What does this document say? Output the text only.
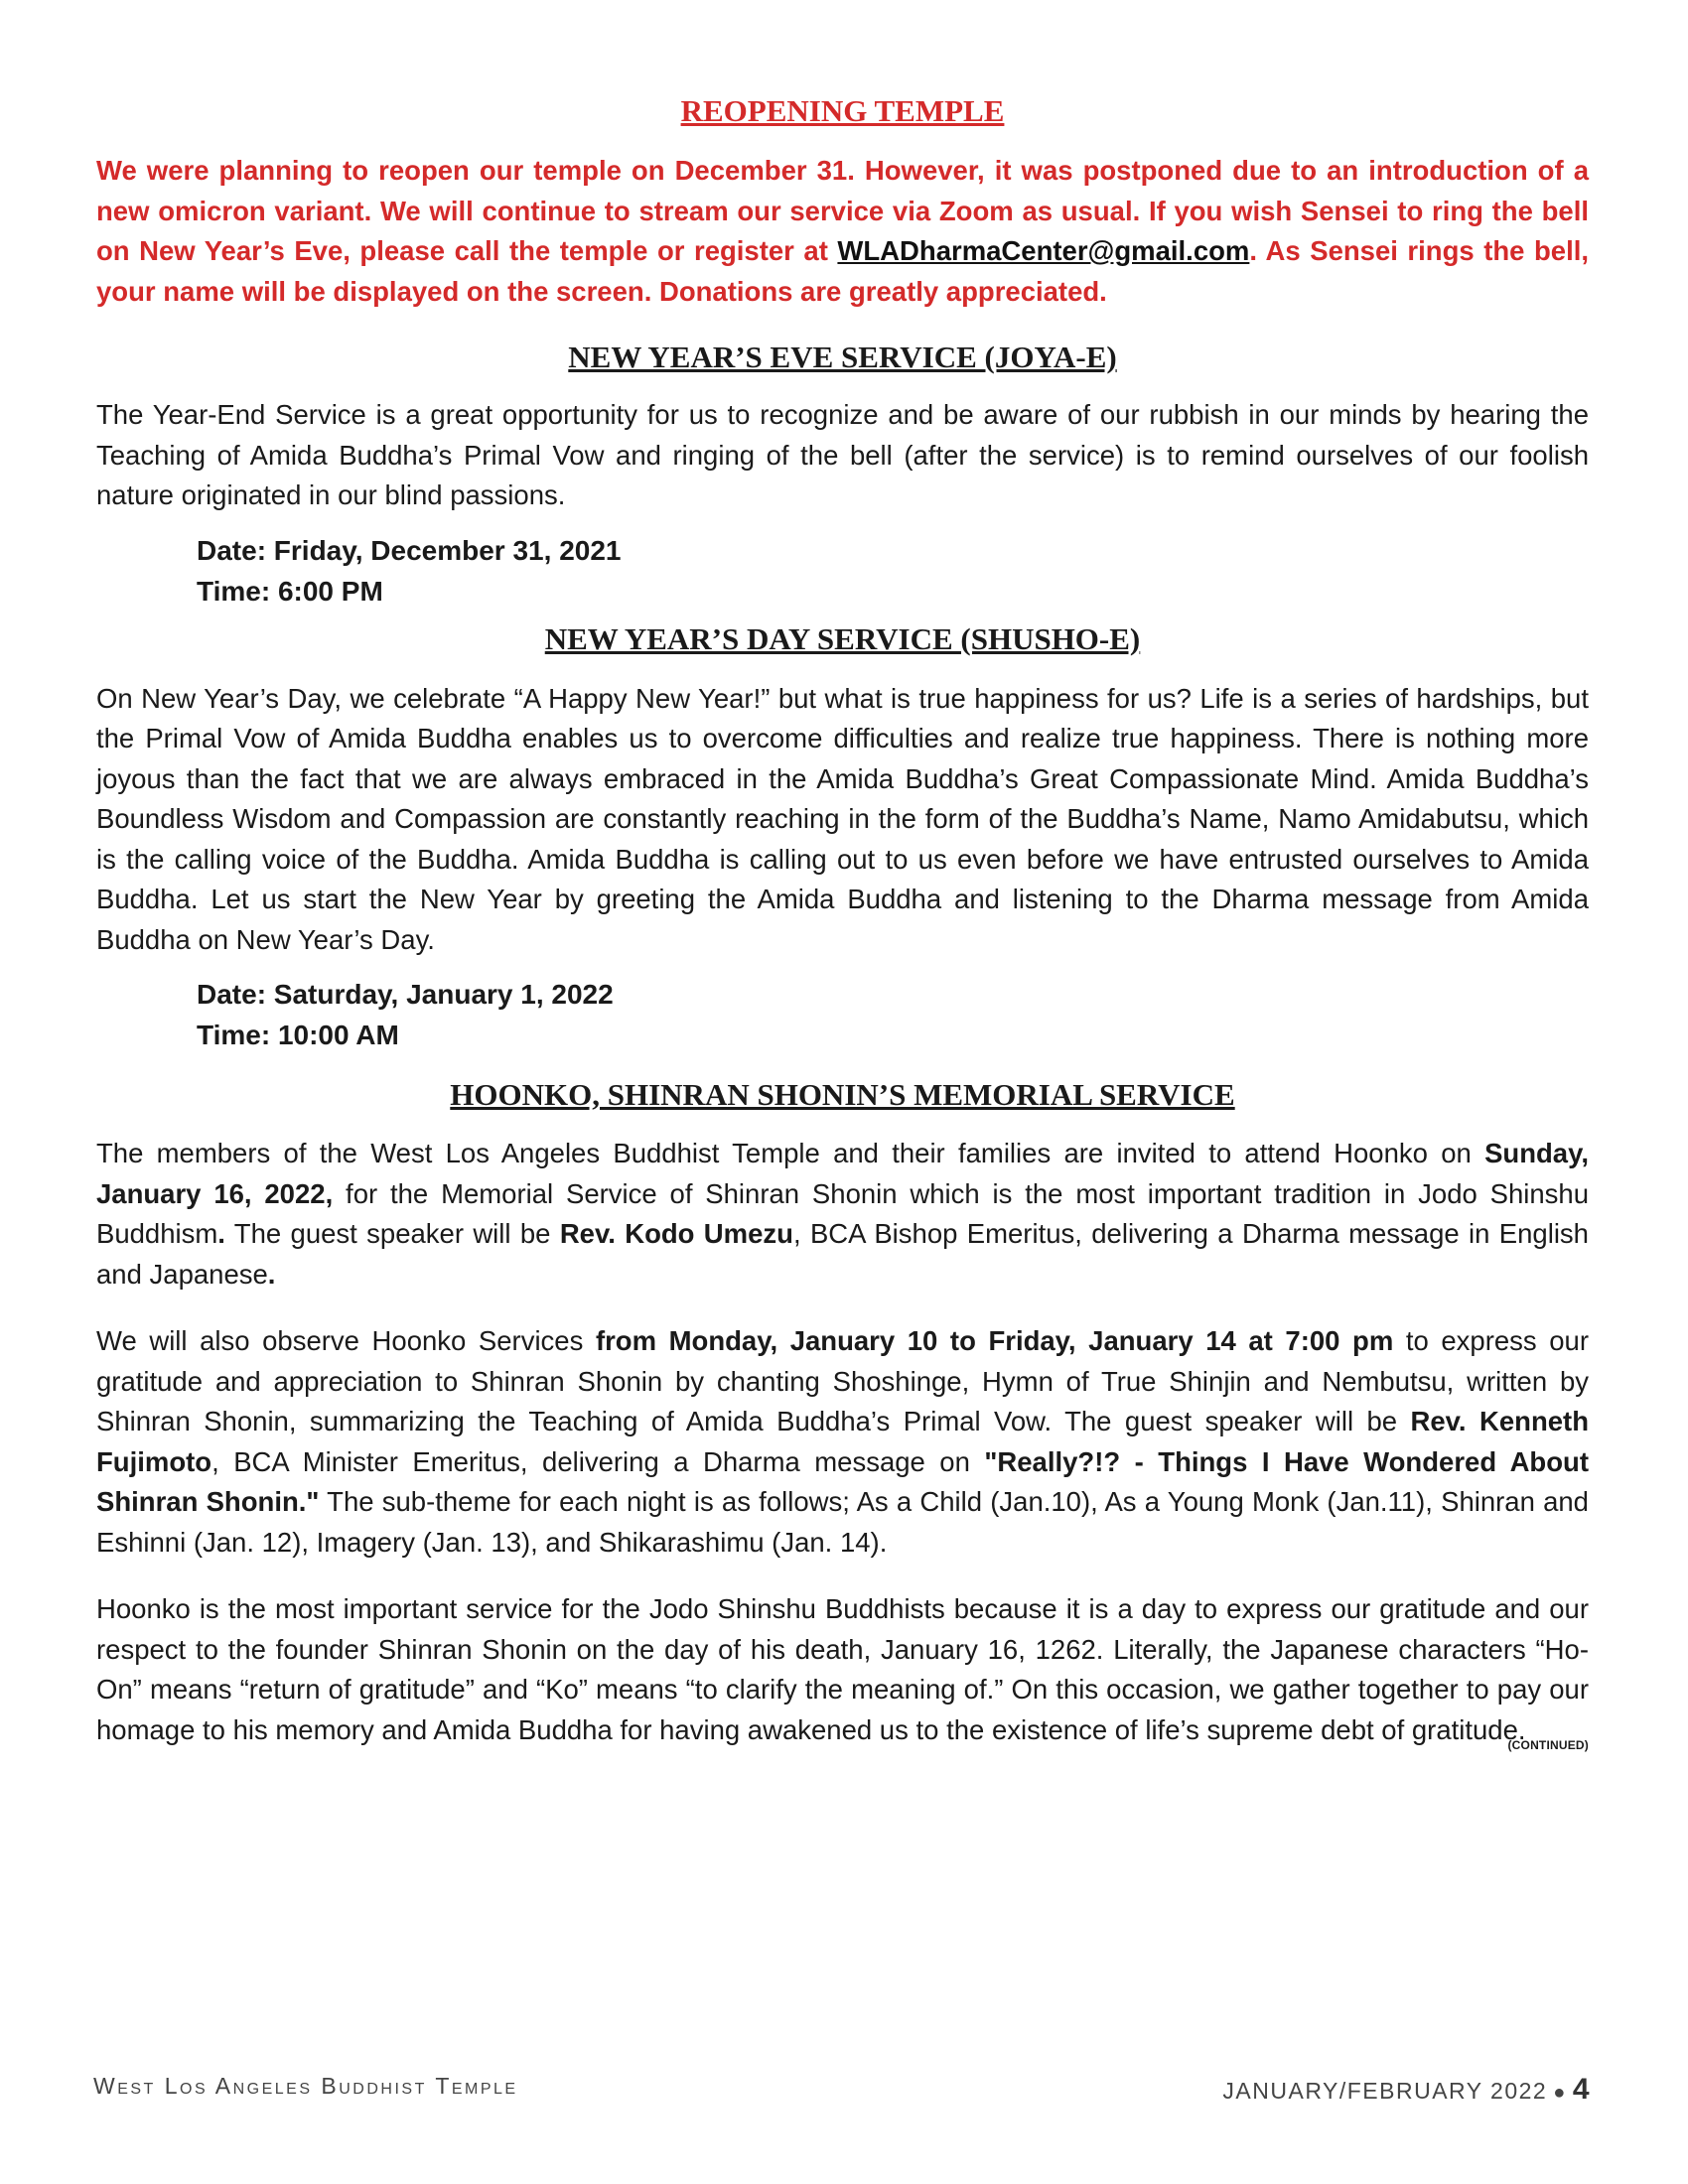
REOPENING TEMPLE

We were planning to reopen our temple on December 31. However, it was postponed due to an introduction of a new omicron variant. We will continue to stream our service via Zoom as usual. If you wish Sensei to ring the bell on New Year’s Eve, please call the temple or register at WLADharmaCenter@gmail.com. As Sensei rings the bell, your name will be displayed on the screen. Donations are greatly appreciated.

NEW YEAR’S EVE SERVICE (JOYA-E)

The Year-End Service is a great opportunity for us to recognize and be aware of our rubbish in our minds by hearing the Teaching of Amida Buddha’s Primal Vow and ringing of the bell (after the service) is to remind ourselves of our foolish nature originated in our blind passions.

Date: Friday, December 31, 2021
Time: 6:00 PM
NEW YEAR’S DAY SERVICE (SHUSHO-E)

On New Year’s Day, we celebrate “A Happy New Year!” but what is true happiness for us? Life is a series of hardships, but the Primal Vow of Amida Buddha enables us to overcome difficulties and realize true happiness. There is nothing more joyous than the fact that we are always embraced in the Amida Buddha’s Great Compassionate Mind. Amida Buddha’s Boundless Wisdom and Compassion are constantly reaching in the form of the Buddha’s Name, Namo Amidabutsu, which is the calling voice of the Buddha. Amida Buddha is calling out to us even before we have entrusted ourselves to Amida Buddha. Let us start the New Year by greeting the Amida Buddha and listening to the Dharma message from Amida Buddha on New Year’s Day.

Date: Saturday, January 1, 2022
Time: 10:00 AM
HOONKO, SHINRAN SHONIN’S MEMORIAL SERVICE

The members of the West Los Angeles Buddhist Temple and their families are invited to attend Hoonko on Sunday, January 16, 2022, for the Memorial Service of Shinran Shonin which is the most important tradition in Jodo Shinshu Buddhism. The guest speaker will be Rev. Kodo Umezu, BCA Bishop Emeritus, delivering a Dharma message in English and Japanese.

We will also observe Hoonko Services from Monday, January 10 to Friday, January 14 at 7:00 pm to express our gratitude and appreciation to Shinran Shonin by chanting Shoshinge, Hymn of True Shinjin and Nembutsu, written by Shinran Shonin, summarizing the Teaching of Amida Buddha’s Primal Vow. The guest speaker will be Rev. Kenneth Fujimoto, BCA Minister Emeritus, delivering a Dharma message on "Really?!? - Things I Have Wondered About Shinran Shonin." The sub-theme for each night is as follows; As a Child (Jan.10), As a Young Monk (Jan.11), Shinran and Eshinni (Jan. 12), Imagery (Jan. 13), and Shikarashimu (Jan. 14).

Hoonko is the most important service for the Jodo Shinshu Buddhists because it is a day to express our gratitude and our respect to the founder Shinran Shonin on the day of his death, January 16, 1262. Literally, the Japanese characters “Ho-On” means “return of gratitude” and “Ko” means “to clarify the meaning of.” On this occasion, we gather together to pay our homage to his memory and Amida Buddha for having awakened us to the existence of life’s supreme debt of gratitude.

(CONTINUED)
West Los Angeles Buddhist Temple	JANUARY/FEBRUARY 2022 ● 4
